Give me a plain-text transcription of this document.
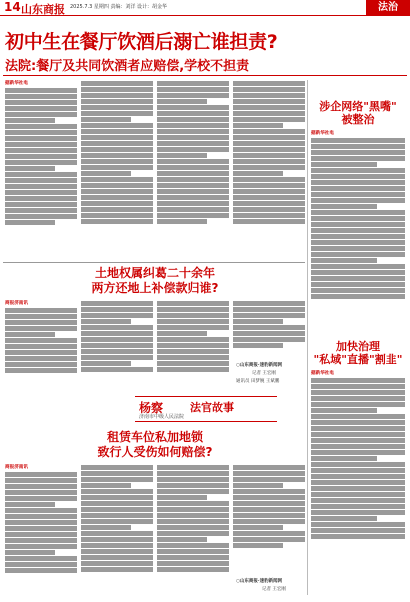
14 山东商报 2025.7.3 星期四 责编：刘洋 设计：胡金华	法治
初中生在餐厅饮酒后溺亡谁担责?
法院:餐厅及共同饮酒者应赔偿,学校不担责
据新华社电
涉企网络"黑嘴"
被整治
据新华社电
加快治理
"私域"直播"割韭"
据新华社电
土地权属纠葛二十余年
两方还地上补偿款归谁?
商报济南讯
○山东商报·速豹新闻网
记者 王宏刚
通讯员 田梦婉 王斌鹏
杨察 法官故事
济南市中级人民法院
租赁车位私加地锁
致行人受伤如何赔偿?
商报济南讯
○山东商报·速豹新闻网
记者 王宏刚
